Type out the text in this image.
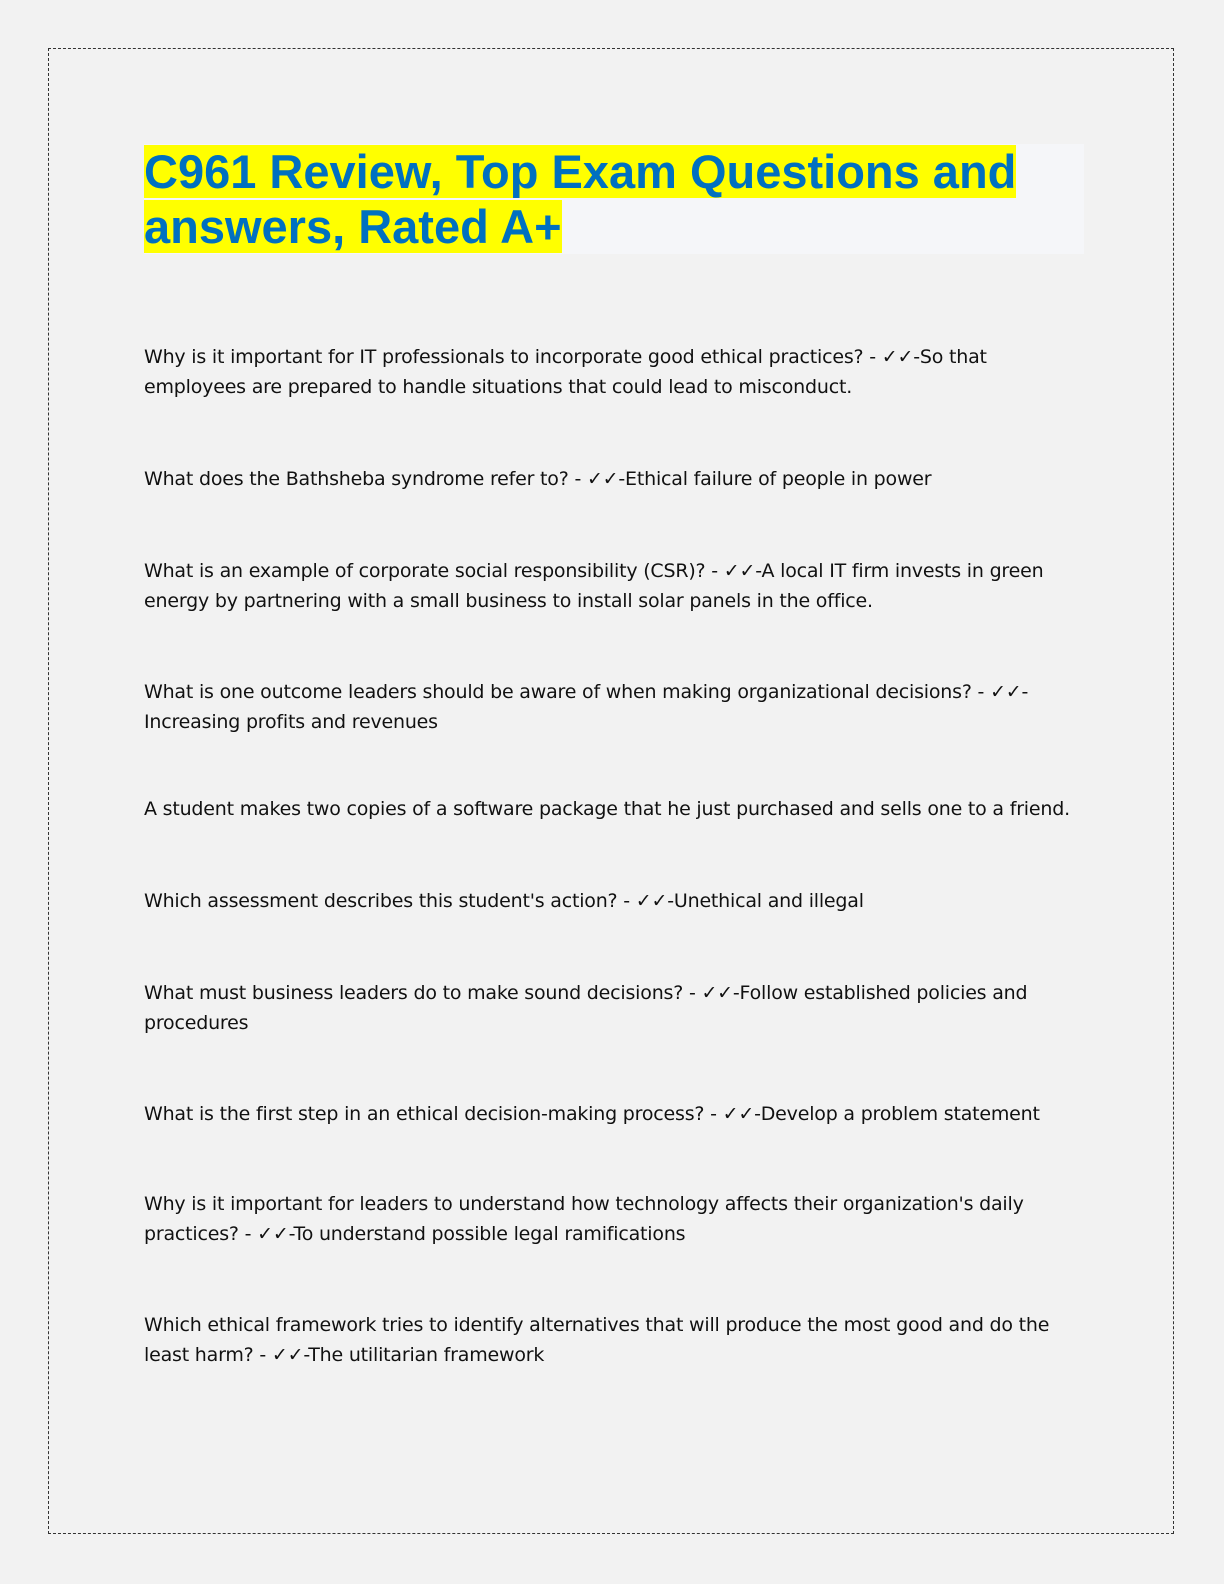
C961 Review, Top Exam Questions and answers, Rated A+

Why is it important for IT professionals to incorporate good ethical practices? - ✓✓-So that employees are prepared to handle situations that could lead to misconduct.

What does the Bathsheba syndrome refer to? - ✓✓-Ethical failure of people in power

What is an example of corporate social responsibility (CSR)? - ✓✓-A local IT firm invests in green energy by partnering with a small business to install solar panels in the office.

What is one outcome leaders should be aware of when making organizational decisions? - ✓✓-Increasing profits and revenues

A student makes two copies of a software package that he just purchased and sells one to a friend.

Which assessment describes this student's action? - ✓✓-Unethical and illegal

What must business leaders do to make sound decisions? - ✓✓-Follow established policies and procedures

What is the first step in an ethical decision-making process? - ✓✓-Develop a problem statement

Why is it important for leaders to understand how technology affects their organization's daily practices? - ✓✓-To understand possible legal ramifications

Which ethical framework tries to identify alternatives that will produce the most good and do the least harm? - ✓✓-The utilitarian framework
